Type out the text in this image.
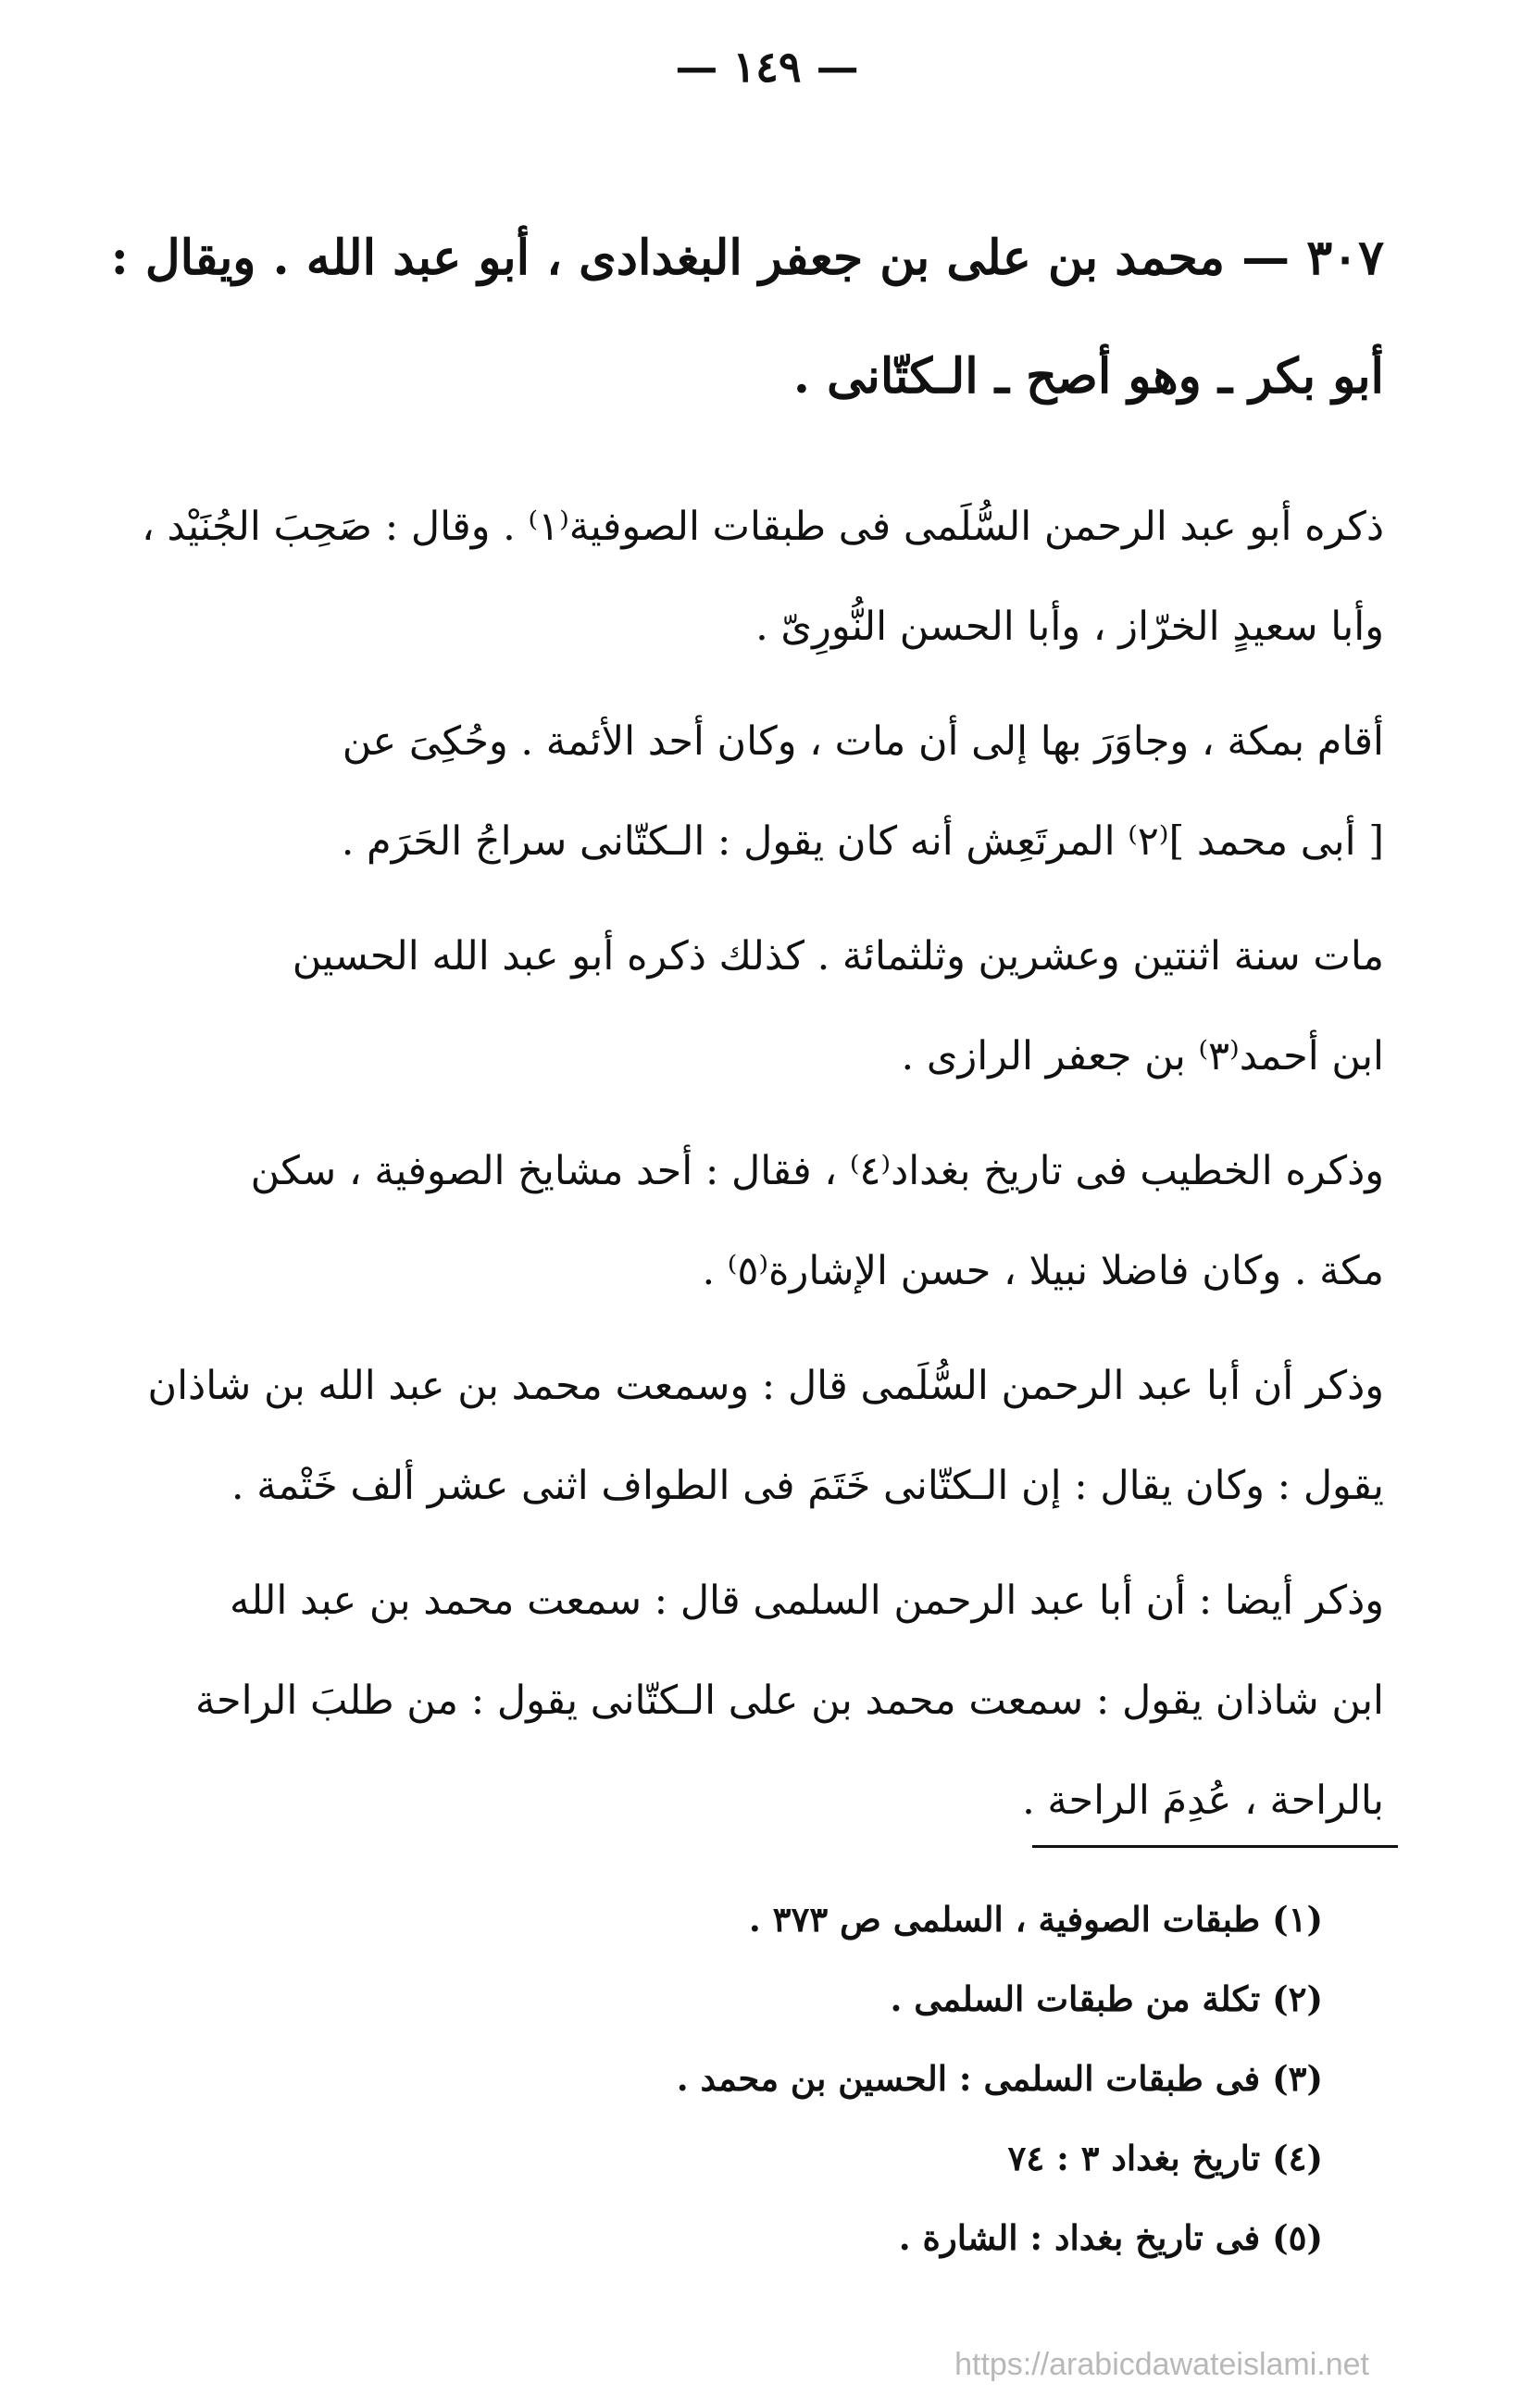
— ١٤٩ —
٣٠٧ — محمد بن على بن جعفر البغدادى ، أبو عبد الله . ويقال :
أبو بكر ـ وهو أصح ـ الـكتّانى .
ذكره أبو عبد الرحمن السُّلَمى فى طبقات الصوفية⁽١⁾ . وقال : صَحِبَ الجُنَيْد ،
وأبا سعيدٍ الخرّاز ، وأبا الحسن النُّورِىّ .
أقام بمكة ، وجاوَرَ بها إلى أن مات ، وكان أحد الأئمة . وحُكِىَ عن
[ أبى محمد ]⁽٢⁾ المرتَعِش أنه كان يقول : الـكتّانى سراجُ الحَرَم .
مات سنة اثنتين وعشرين وثلثمائة . كذلك ذكره أبو عبد الله الحسين
ابن أحمد⁽٣⁾ بن جعفر الرازى .
وذكره الخطيب فى تاريخ بغداد⁽٤⁾ ، فقال : أحد مشايخ الصوفية ، سكن
مكة . وكان فاضلا نبيلا ، حسن الإشارة⁽٥⁾ .
وذكر أن أبا عبد الرحمن السُّلَمى قال : وسمعت محمد بن عبد الله بن شاذان
يقول : وكان يقال : إن الـكتّانى خَتَمَ فى الطواف اثنى عشر ألف خَتْمة .
وذكر أيضا : أن أبا عبد الرحمن السلمى قال : سمعت محمد بن عبد الله
ابن شاذان يقول : سمعت محمد بن على الـكتّانى يقول : من طلبَ الراحة
بالراحة ، عُدِمَ الراحة .
(١) طبقات الصوفية ، السلمى ص ٣٧٣ .
(٢) تكلة من طبقات السلمى .
(٣) فى طبقات السلمى : الحسين بن محمد .
(٤) تاريخ بغداد ٣ : ٧٤
(٥) فى تاريخ بغداد : الشارة .
https://arabicdawateislami.net
